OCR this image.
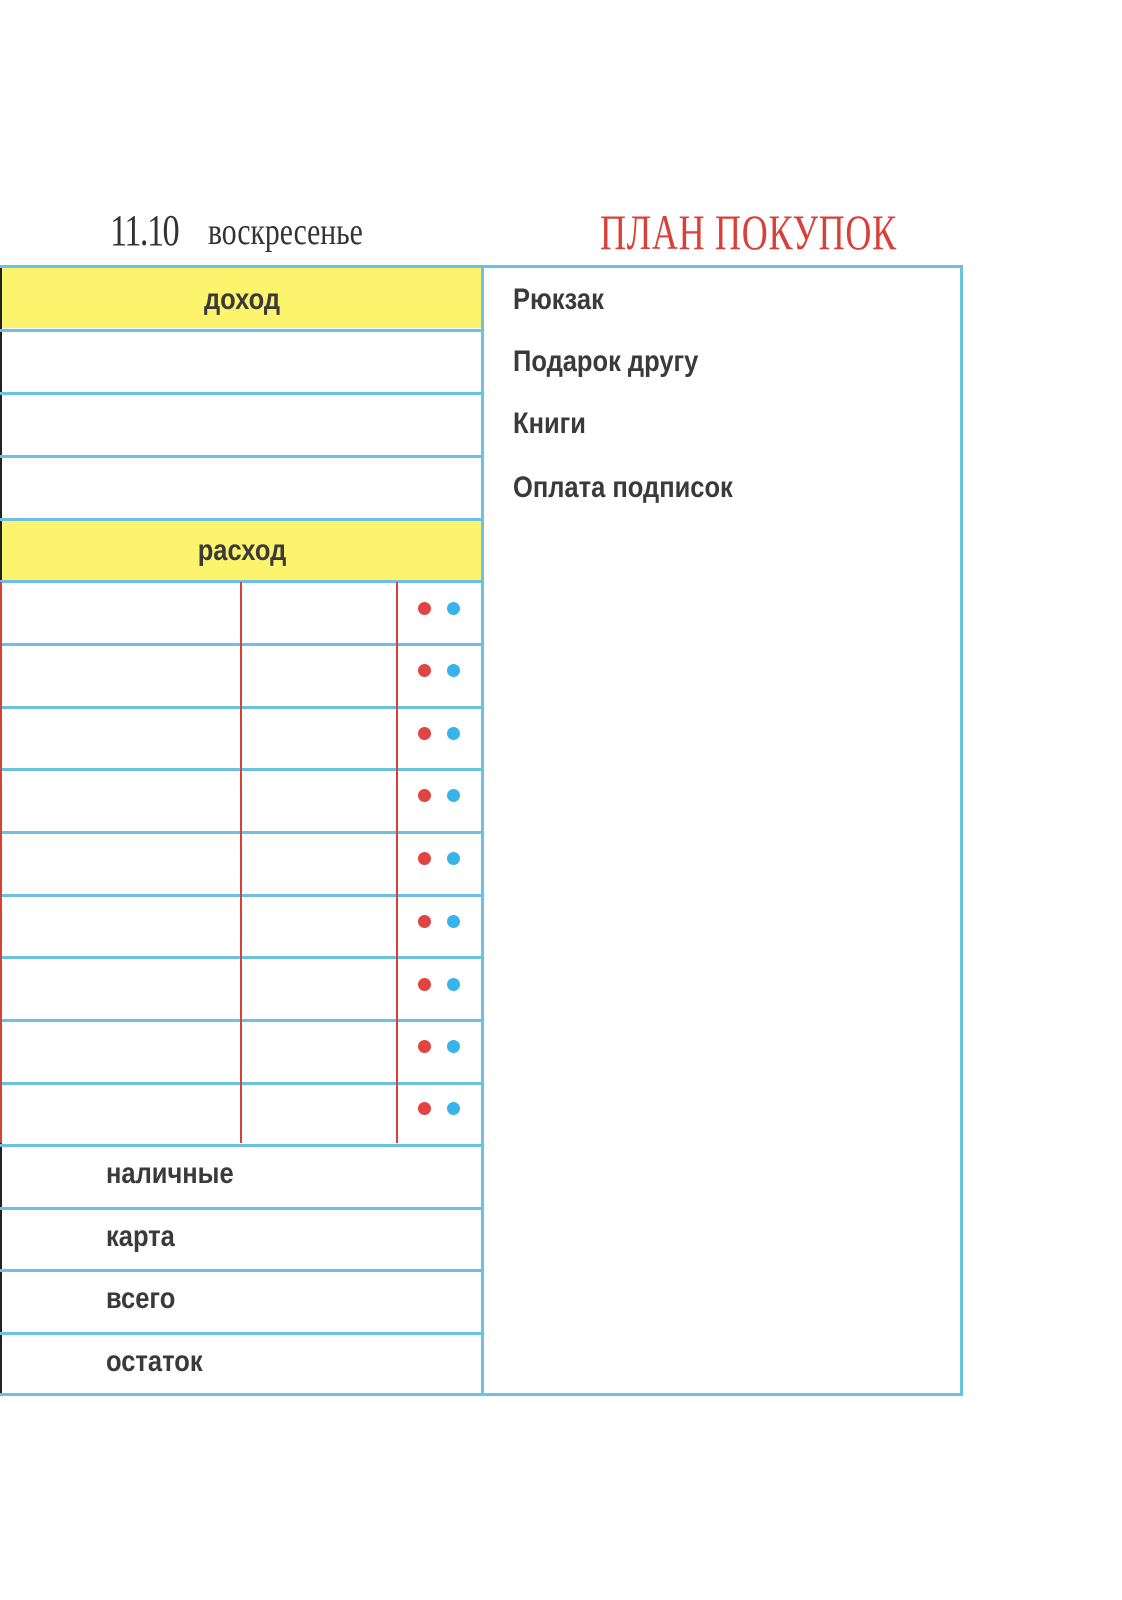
11.10 воскресенье	ПЛАН ПОКУПОК
доход
расход
наличные
карта
всего
остаток
Рюкзак
Подарок другу
Книги
Оплата подписок
